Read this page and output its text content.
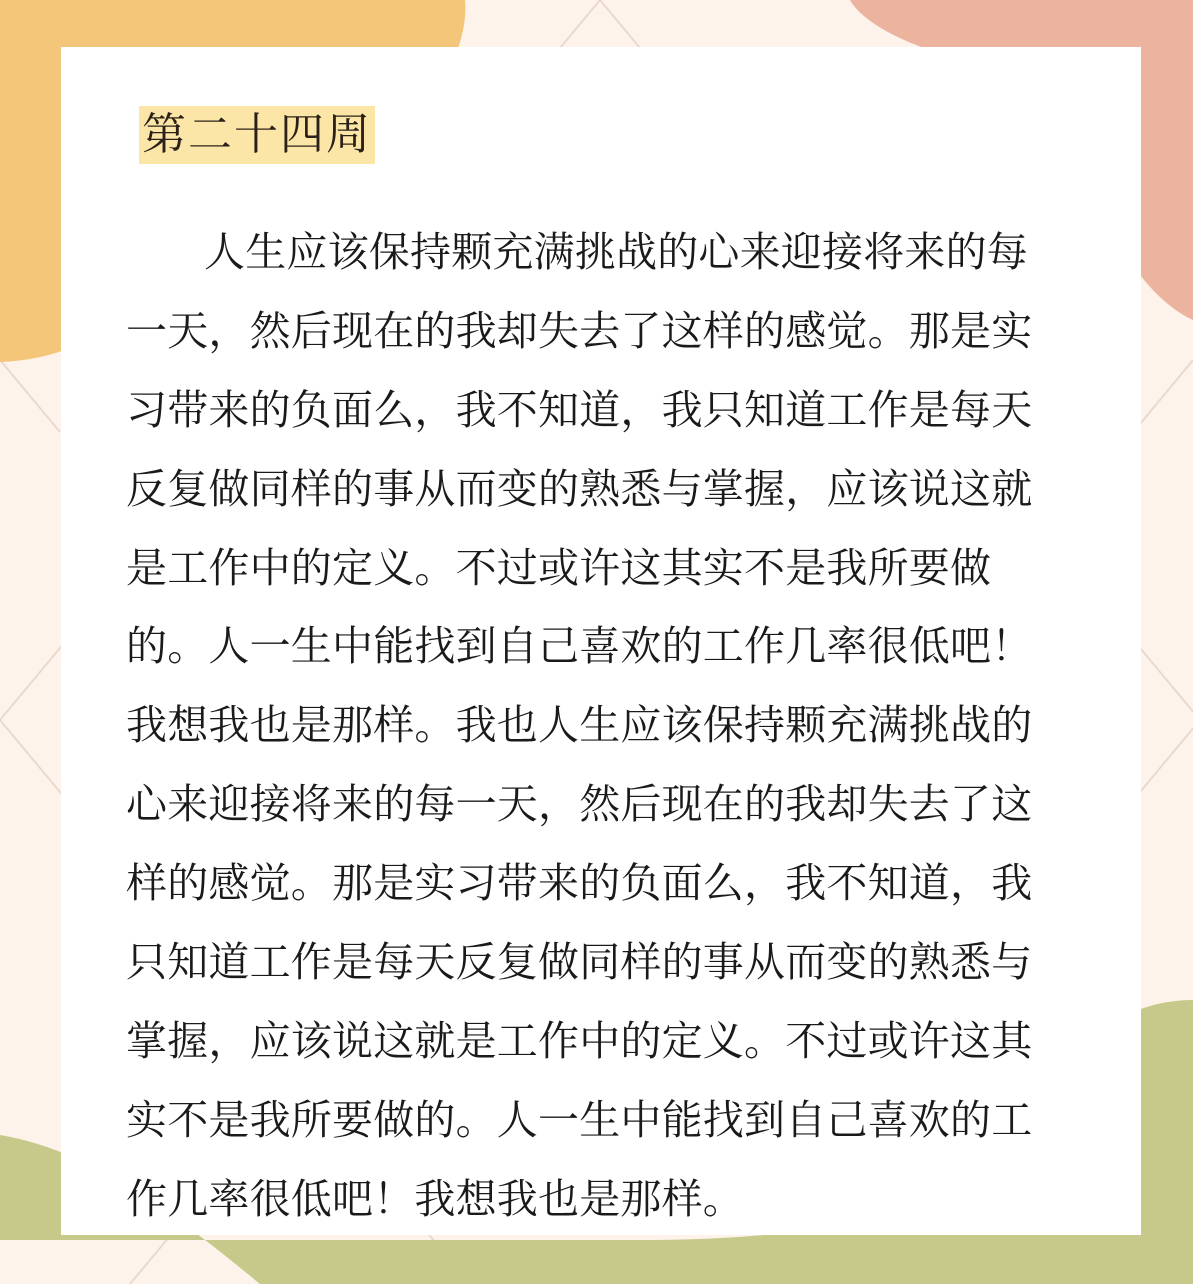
第二十四周
人生应该保持颗充满挑战的心来迎接将来的每
一天，然后现在的我却失去了这样的感觉。那是实
习带来的负面么，我不知道，我只知道工作是每天
反复做同样的事从而变的熟悉与掌握，应该说这就
是工作中的定义。不过或许这其实不是我所要做
的。人一生中能找到自己喜欢的工作几率很低吧！
我想我也是那样。我也人生应该保持颗充满挑战的
心来迎接将来的每一天，然后现在的我却失去了这
样的感觉。那是实习带来的负面么，我不知道，我
只知道工作是每天反复做同样的事从而变的熟悉与
掌握，应该说这就是工作中的定义。不过或许这其
实不是我所要做的。人一生中能找到自己喜欢的工
作几率很低吧！我想我也是那样。
